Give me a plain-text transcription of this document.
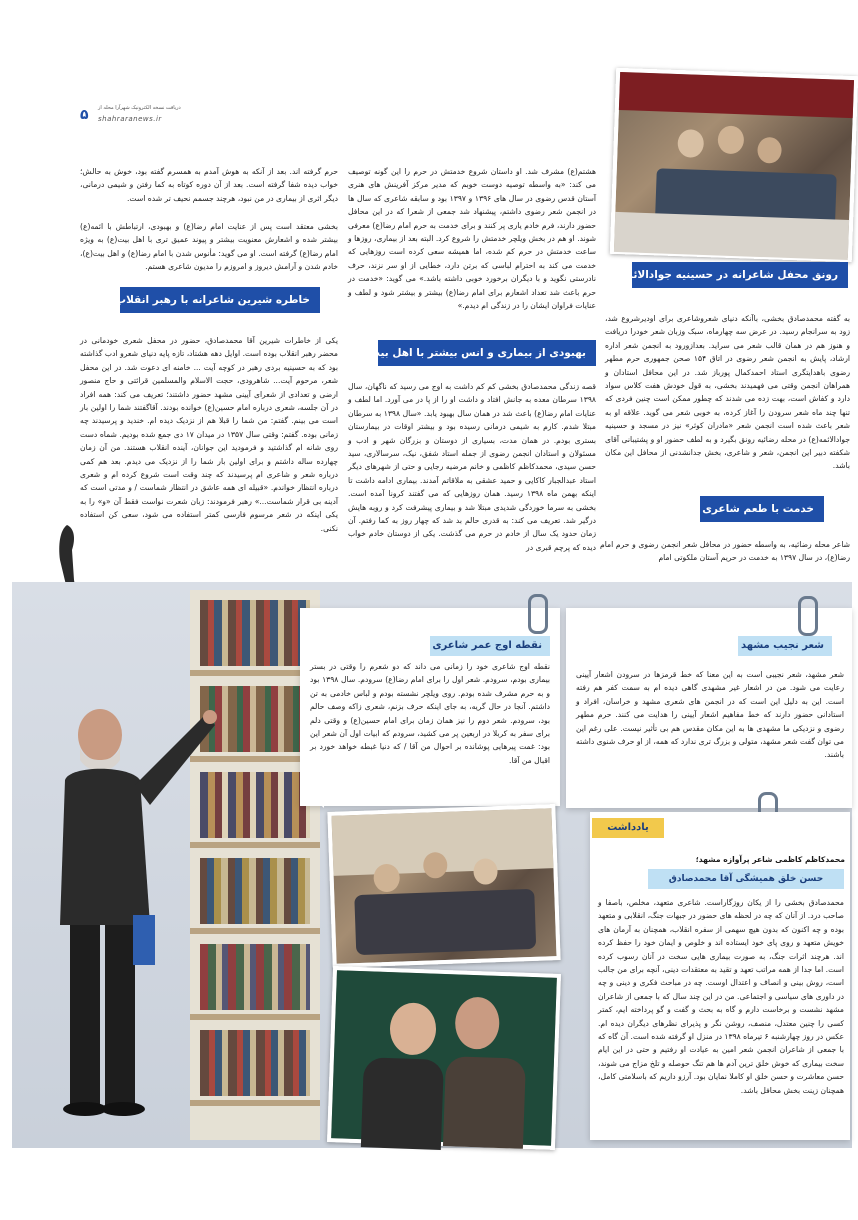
۵ دریافت نسخه الکترونیک شهرآرا محله از
shahraranews.ir
به گفته محمدصادق بخشی، باآنکه دنیای شعروشاعری برای اودیرشروع شد، زود به سرانجام رسید. در عرض سه چهارماه، سبک وزبان شعر خودرا دریافت و هنوز هم در همان قالب شعر می سراید. بعدازورود به انجمن شعر اداره ارشاد، پایش به انجمن شعر رضوی در اتاق ۱۵۴ صحن جمهوری حرم مطهر رضوی باهدایتگری استاد احمدکمال پورباز شد. در این محافل استادان و همراهان انجمن وقتی می فهمیدند بخشی، به قول خودش هفت کلاس سواد دارد و کفاش است، بهت زده می شدند که چطور ممکن است چنین فردی که تنها چند ماه شعر سرودن را آغاز کرده، به خوبی شعر می گوید. علاقه او به شعر باعث شده است انجمن شعر «مادران کوثر» نیز در مسجد و حسینیه جوادالائمه(ع) در محله رضائیه رونق بگیرد و به لطف حضور او و پشتیبانی آقای شکفته دبیر این انجمن، شعر و شاعری، بخش جدانشدنی از محافل این مکان باشد.
رونق محفل شاعرانه در حسینیه جوادالائمه(ع)
خدمت با طعم شاعری
شاعر محله رضائیه، به واسطه حضور در محافل شعر انجمن رضوی و حرم امام رضا(ع)، در سال ۱۳۹۷ به خدمت در حریم آستان ملکوتی امام
هشتم(ع) مشرف شد. او داستان شروع خدمتش در حرم را این گونه توصیف می کند: «به واسطه توصیه دوست خوبم که مدیر مرکز آفرینش های هنری آستان قدس رضوی در سال های ۱۳۹۶ و ۱۳۹۷ بود و سابقه شاعری که سال ها در انجمن شعر رضوی داشتم، پیشنهاد شد جمعی از شعرا که در این محافل حضور دارند، فرم خادم یاری پر کنند و برای خدمت به حرم امام رضا(ع) معرفی شوند. او هم در بخش ویلچر خدمتش را شروع کرد. البته بعد از بیماری، روزها و ساعت خدمتش در حرم کم شده، اما همیشه سعی کرده است روزهایی که خدمت می کند به احترام لباسی که برتن دارد، خطایی از او سر نزند، حرف نادرستی نگوید و با دیگران برخورد خوبی داشته باشد.» می گوید: «خدمت در حرم باعث شد تعداد اشعارم برای امام رضا(ع) بیشتر و بیشتر شود و لطف و عنایات فراوان ایشان را در زندگی ام دیدم.»
بهبودی از بیماری و انس بیشتر با اهل بیت(ع)
قصه زندگی محمدصادق بخشی کم کم داشت به اوج می رسید که ناگهان، سال ۱۳۹۸ سرطان معده به جانش افتاد و داشت او را از پا در می آورد. اما لطف و عنایات امام رضا(ع) باعث شد در همان سال بهبود یابد. «سال ۱۳۹۸ به سرطان مبتلا شدم. کارم به شیمی درمانی رسیده بود و بیشتر اوقات در بیمارستان بستری بودم. در همان مدت، بسیاری از دوستان و بزرگان شهر و ادب و مسئولان و استادان انجمن رضوی از جمله استاد شفق، نیک، سرسالاری، سید حسن سیدی، محمدکاظم کاظمی و خانم مرضیه رجایی و حتی از شهرهای دیگر استاد عبدالجبار کاکایی و حمید عشقی به ملاقاتم آمدند. بیماری ادامه داشت تا اینکه بهمن ماه ۱۳۹۸ رسید. همان روزهایی که می گفتند کرونا آمده است. بخشی به سرما خوردگی شدیدی مبتلا شد و بیماری پیشرفت کرد و روبه هایش درگیر شد. تعریف می کند: به قدری حالم بد شد که چهار روز به کما رفتم. آن زمان حدود یک سال از خادم در حرم می گذشت. یکی از دوستان خادم خواب دیده که پرچم قبری در
حرم گرفته اند. بعد از آنکه به هوش آمدم به همسرم گفته بود، خوش به حالش؛ خواب دیده شفا گرفته است. بعد از آن دوره کوتاه به کما رفتن و شیمی درمانی، دیگر اثری از بیماری در من نبود، هرچند جسمم نحیف تر شده است.
بخشی معتقد است پس از عنایت امام رضا(ع) و بهبودی، ارتباطش با ائمه(ع) بیشتر شده و اشعارش معنویت بیشتر و پیوند عمیق تری با اهل بیت(ع) به ویژه امام رضا(ع) گرفته است. او می گوید: مأنوس شدن با امام رضا(ع) و اهل بیت(ع)، خادم شدن و آرامش دیروز و امروزم را مدیون شاعری هستم.
خاطره شیرین شاعرانه با رهبر انقلاب
یکی از خاطرات شیرین آقا محمدصادق، حضور در محفل شعری خودمانی در محضر رهبر انقلاب بوده است. اوایل دهه هشتاد، تازه پایه دنیای شعرو ادب گذاشته بود که به حسینیه بردی رهبر در کوچه آیت ... خامنه ای دعوت شد. در این محفل شعر، مرحوم آیت... شاهرودی، حجت الاسلام والمسلمین قرائتی و حاج منصور ارضی و تعدادی از شعرای آیینی مشهد حضور داشتند؛ تعریف می کند: همه افراد در آن جلسه، شعری درباره امام حسین(ع) خوانده بودند. آقاگفتند شما را اولین بار است می بینم. گفتم: من شما را قبلا هم از نزدیک دیده ام. خندید و پرسیدند چه زمانی بوده. گفتم: وقتی سال ۱۳۵۷ در میدان ۱۷ دی جمع شده بودیم. شماه دست روی شانه ام گذاشتید و فرمودید این جوانان، آینده انقلاب هستند. من آن زمان چهارده ساله داشتم و برای اولین بار شما را از نزدیک می دیدم. بعد هم کمی درباره شعر و شاعری ام پرسیدند که چند وقت است شروع کرده ام و شعری درباره انتظار خواندم. «قبیله ای همه عاشق در انتظار شماست / و مدتی است که آدینه بی قرار شماست...» رهبر فرمودند: زبان شعرت نواست فقط آن «و» را به یکی اینکه در شعر مرسوم فارسی کمتر استفاده می شود، سعی کن استفاده نکنی.
نقطه اوج عمر شاعری
نقطه اوج شاعری خود را زمانی می داند که دو شعرم را وقتی در بستر بیماری بودم، سرودم. شعر اول را برای امام رضا(ع) سرودم. سال ۱۳۹۸ بود و به حرم مشرف شده بودم. روی ویلچر نشسته بودم و لباس خادمی به تن داشتم. آنجا در حال گریه، به جای اینکه حرف بزنم، شعری زاکه وصف حالم بود، سرودم. شعر دوم را نیز همان زمان برای امام حسین(ع) و وقتی دلم برای سفر به کربلا در اربعین پر می کشید، سرودم که ابیات اول آن شعر این بود: غمت پیرهایی پوشانده بر احوال من آقا / که دنیا غبطه خواهد خورد بر اقبال من آقا.
شعر نجیب مشهد
شعر مشهد، شعر نجیبی است به این معنا که خط قرمزها در سرودن اشعار آیینی رعایت می شود. من در اشعار غیر مشهدی گاهی دیده ام به سمت کفر هم رفته است. این به دلیل این است که در انجمن های شعری مشهد و خراسان، افراد و استادانی حضور دارند که خط مفاهیم اشعار آیینی را هدایت می کنند. حرم مطهر رضوی و نزدیکی ما مشهدی ها به این مکان مقدس هم بی تأثیر نیست. علی رغم این می توان گفت شعر مشهد، متولی و بزرگ تری ندارد که همه، از او حرف شنوی داشته باشند.
یادداشت
محمدکاظم کاظمی شاعر پرآوازه مشهد؛
حسن خلق همیشگی آقا محمدصادق
محمدصادق بخشی را از یکان روزگاراست. شاعری متعهد، مخلص، باصفا و صاحب درد. از آنان که چه در لحظه های حضور در جبهات جنگ، انقلابی و متعهد بوده و چه اکنون که بدون هیچ سهمی از سفره انقلاب، همچنان به آرمان های خویش متعهد و روی پای خود ایستاده اند و خلوص و ایمان خود را حفظ کرده اند. هرچند اثرات جنگ، به صورت بیماری هایی سخت در آنان رسوب کرده است. اما جدا از همه مراتب تعهد و تقید به معتقدات دینی، آنچه برای من جالب است، روش بینی و انصاف و اعتدال اوست. چه در مباحث فکری و دینی و چه در داوری های سیاسی و اجتماعی. من در این چند سال که با جمعی از شاعران مشهد نشست و برخاست دارم و گاه به بحث و گفت و گو پرداخته ایم، کمتر کسی را چنین معتدل، منصف، روشن نگر و پذیرای نظرهای دیگران دیده ام. عکس در روز چهارشنبه ۶ تیرماه ۱۳۹۸ در منزل او گرفته شده است. آن گاه که با جمعی از شاعران انجمن شعر امین به عیادت او رفتیم و حتی در این ایام سخت بیماری که خوش خلق ترین آدم ها هم تنگ حوصله و تلخ مزاج می شوند، حسن معاشرت و حسن خلق او کاملا نمایان بود. آرزو داریم که باسلامتی کامل، همچنان زینت بخش محافل باشد.
